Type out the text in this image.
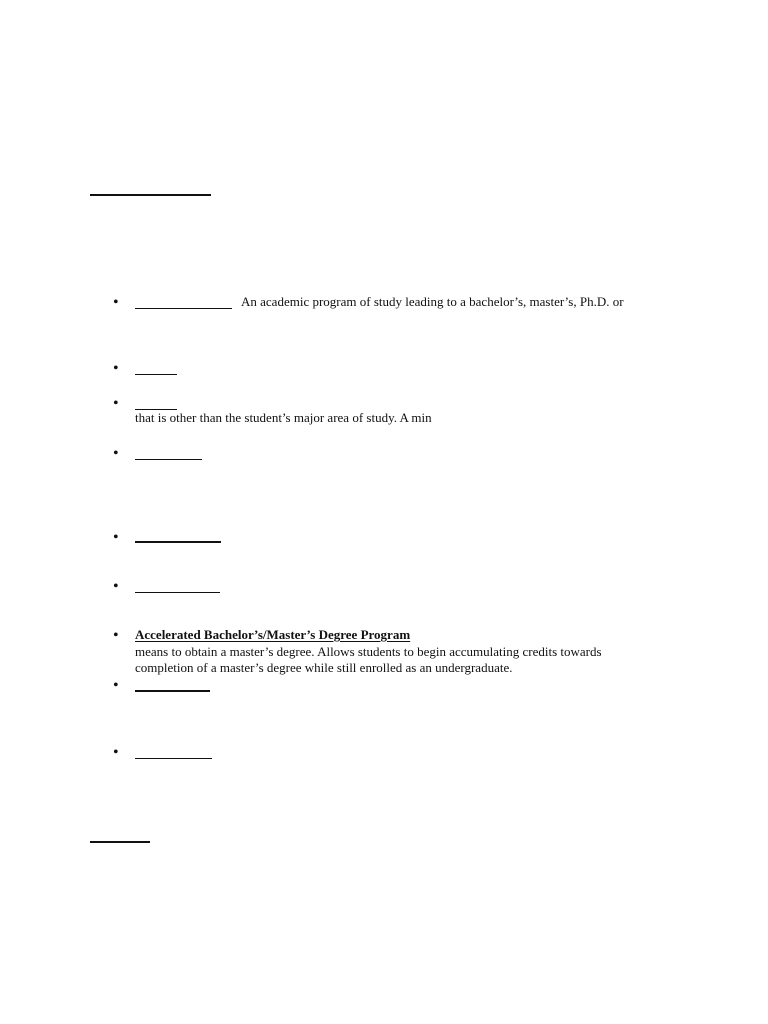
•	An academic program of study leading to a bachelor’s, master’s, Ph.D. or
•
•
that is other than the student’s major area of study. A min
•
•
•
• Accelerated Bachelor’s/Master’s Degree Program
means to obtain a master’s degree. Allows students to begin accumulating credits towards
completion of a master’s degree while still enrolled as an undergraduate.
•
•
